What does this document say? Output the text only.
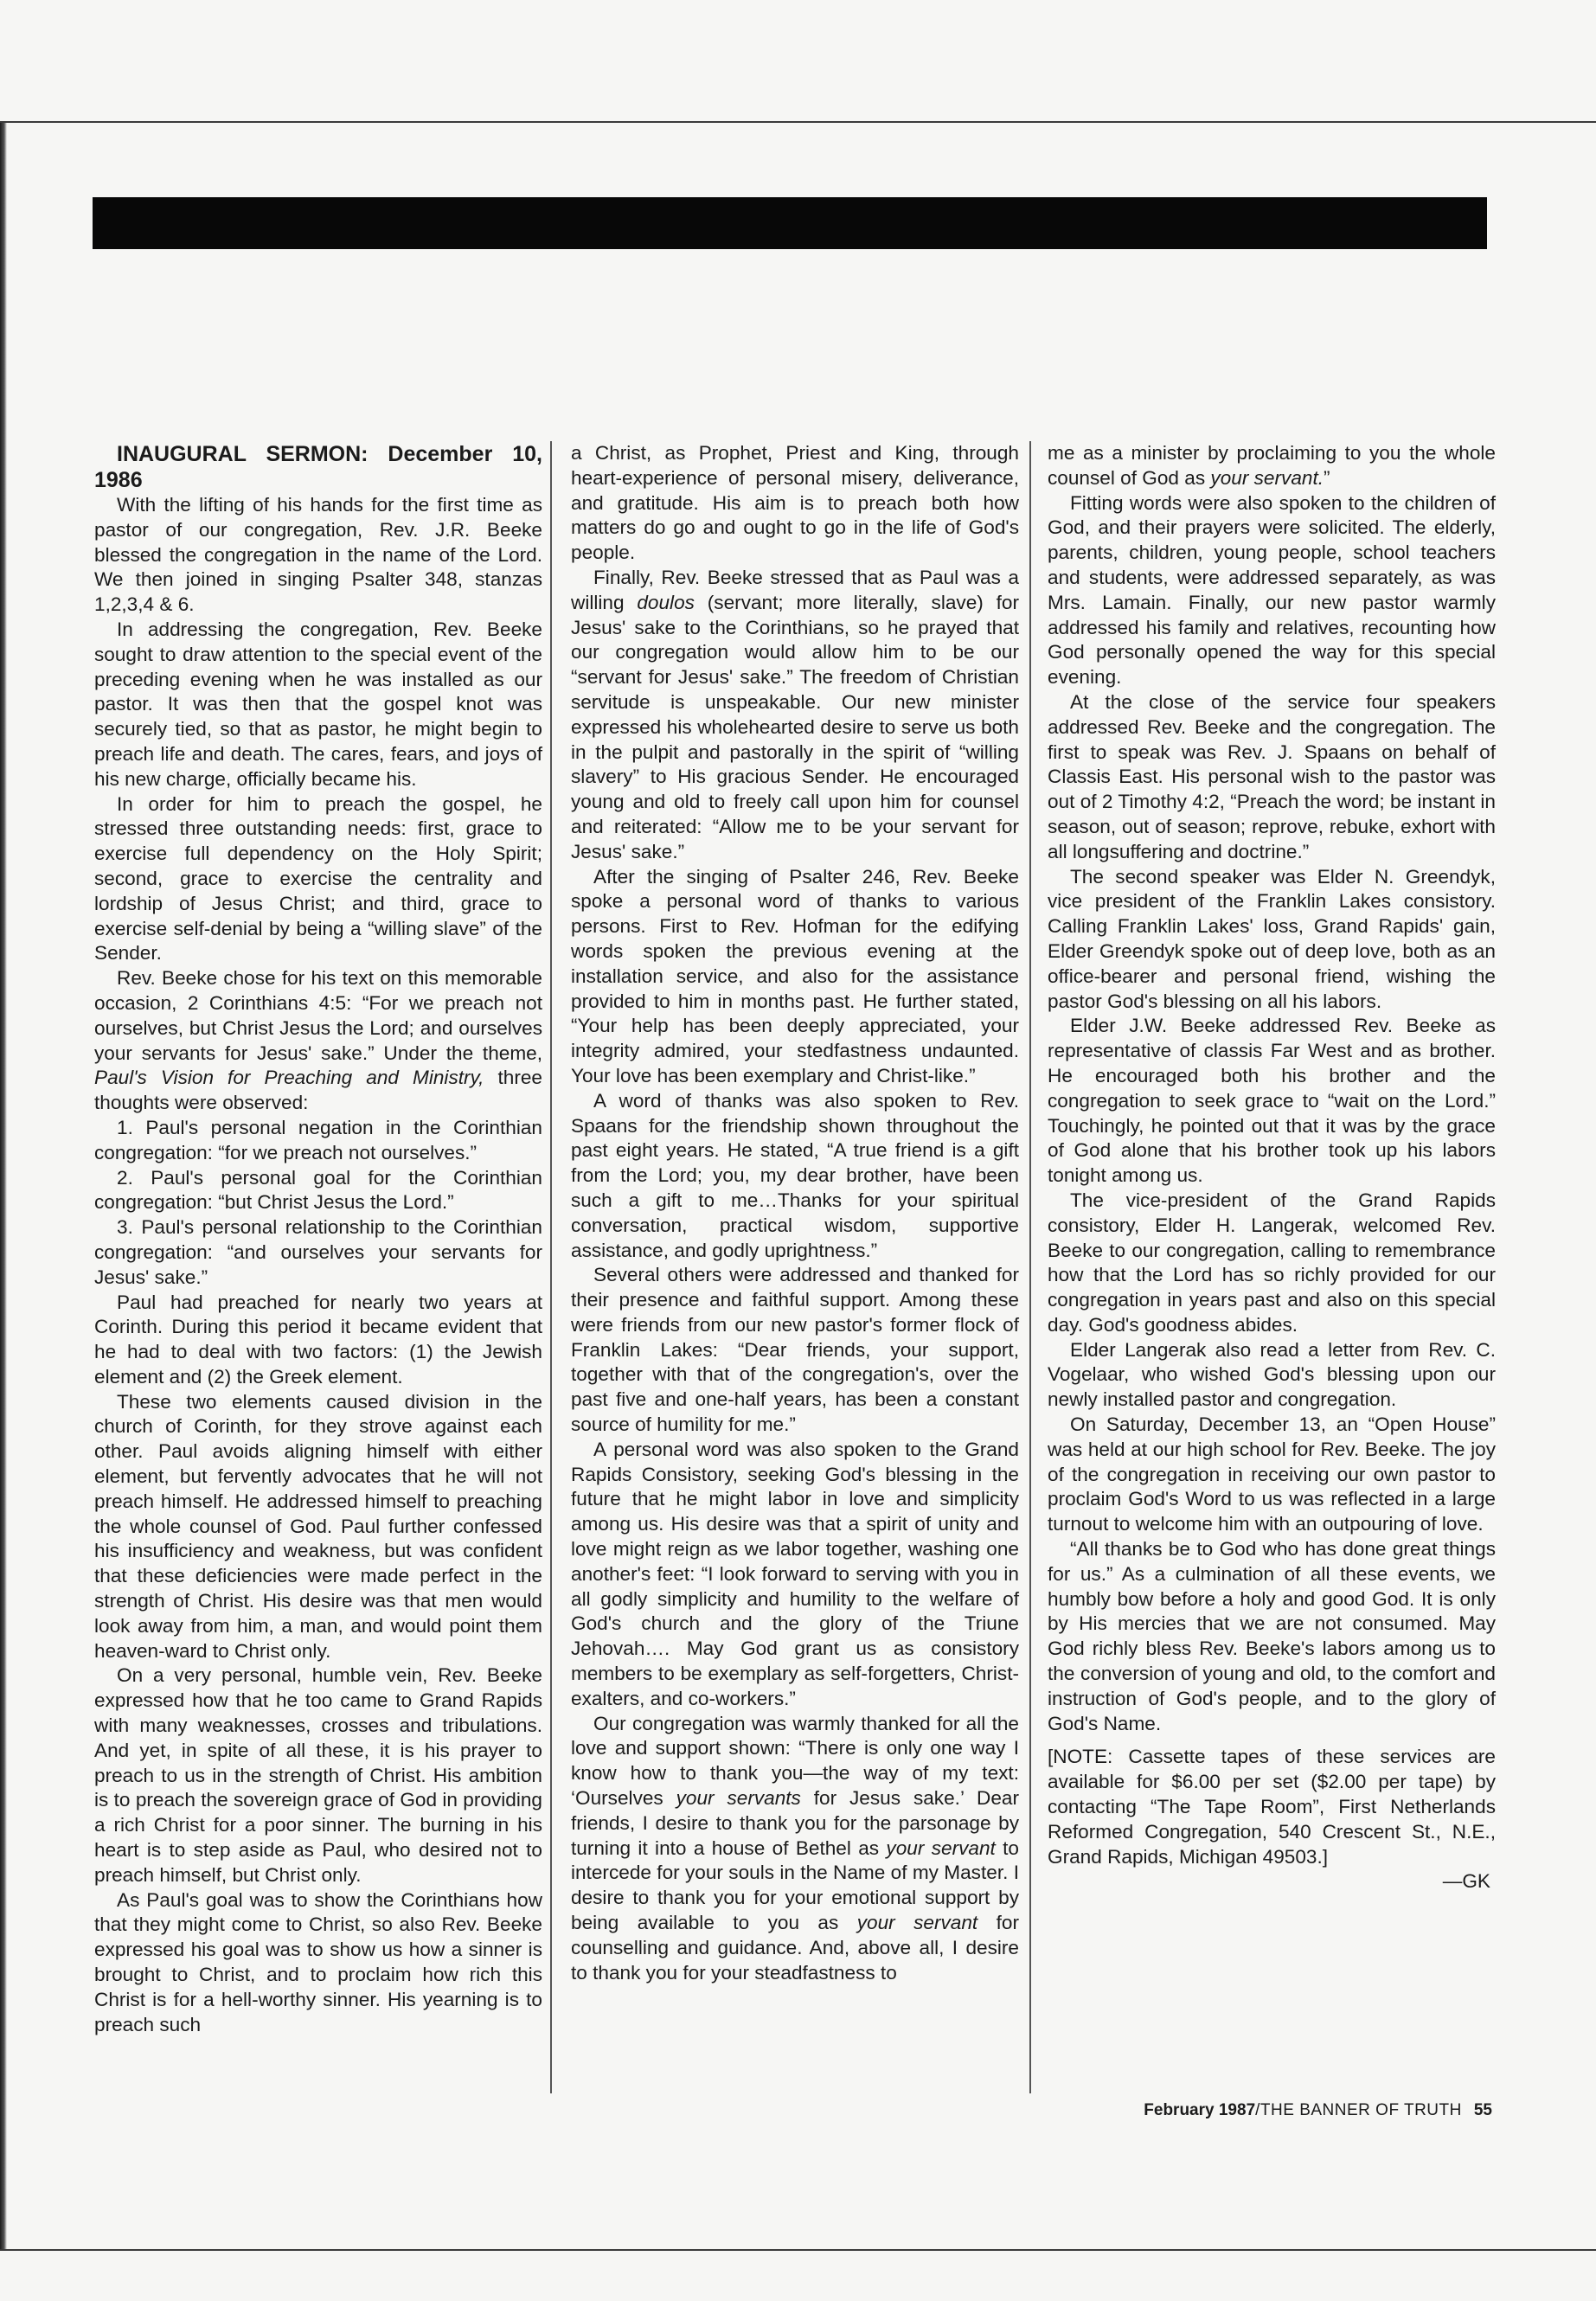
INAUGURAL SERMON: December 10, 1986

With the lifting of his hands for the first time as pastor of our congregation, Rev. J.R. Beeke blessed the congregation in the name of the Lord. We then joined in singing Psalter 348, stanzas 1,2,3,4 & 6.

In addressing the congregation, Rev. Beeke sought to draw attention to the special event of the preceding evening when he was installed as our pastor. It was then that the gospel knot was securely tied, so that as pastor, he might begin to preach life and death. The cares, fears, and joys of his new charge, officially became his.

In order for him to preach the gospel, he stressed three outstanding needs: first, grace to exercise full dependency on the Holy Spirit; second, grace to exercise the centrality and lordship of Jesus Christ; and third, grace to exercise self-denial by being a “willing slave” of the Sender.

Rev. Beeke chose for his text on this memorable occasion, 2 Corinthians 4:5: “For we preach not ourselves, but Christ Jesus the Lord; and ourselves your servants for Jesus' sake.” Under the theme, Paul's Vision for Preaching and Ministry, three thoughts were observed:

1. Paul's personal negation in the Corinthian congregation: “for we preach not ourselves.”

2. Paul's personal goal for the Corinthian congregation: “but Christ Jesus the Lord.”

3. Paul's personal relationship to the Corinthian congregation: “and ourselves your servants for Jesus' sake.”

Paul had preached for nearly two years at Corinth. During this period it became evident that he had to deal with two factors: (1) the Jewish element and (2) the Greek element.

These two elements caused division in the church of Corinth, for they strove against each other. Paul avoids aligning himself with either element, but fervently advocates that he will not preach himself. He addressed himself to preaching the whole counsel of God. Paul further confessed his insufficiency and weakness, but was confident that these deficiencies were made perfect in the strength of Christ. His desire was that men would look away from him, a man, and would point them heaven-ward to Christ only.

On a very personal, humble vein, Rev. Beeke expressed how that he too came to Grand Rapids with many weaknesses, crosses and tribulations. And yet, in spite of all these, it is his prayer to preach to us in the strength of Christ. His ambition is to preach the sovereign grace of God in providing a rich Christ for a poor sinner. The burning in his heart is to step aside as Paul, who desired not to preach himself, but Christ only.

As Paul's goal was to show the Corinthians how that they might come to Christ, so also Rev. Beeke expressed his goal was to show us how a sinner is brought to Christ, and to proclaim how rich this Christ is for a hell-worthy sinner. His yearning is to preach such

a Christ, as Prophet, Priest and King, through heart-experience of personal misery, deliverance, and gratitude. His aim is to preach both how matters do go and ought to go in the life of God's people.

Finally, Rev. Beeke stressed that as Paul was a willing doulos (servant; more literally, slave) for Jesus' sake to the Corinthians, so he prayed that our congregation would allow him to be our “servant for Jesus' sake.” The freedom of Christian servitude is unspeakable. Our new minister expressed his wholehearted desire to serve us both in the pulpit and pastorally in the spirit of “willing slavery” to His gracious Sender. He encouraged young and old to freely call upon him for counsel and reiterated: “Allow me to be your servant for Jesus' sake.”

After the singing of Psalter 246, Rev. Beeke spoke a personal word of thanks to various persons. First to Rev. Hofman for the edifying words spoken the previous evening at the installation service, and also for the assistance provided to him in months past. He further stated, “Your help has been deeply appreciated, your integrity admired, your stedfastness undaunted. Your love has been exemplary and Christ-like.”

A word of thanks was also spoken to Rev. Spaans for the friendship shown throughout the past eight years. He stated, “A true friend is a gift from the Lord; you, my dear brother, have been such a gift to me…Thanks for your spiritual conversation, practical wisdom, supportive assistance, and godly uprightness.”

Several others were addressed and thanked for their presence and faithful support. Among these were friends from our new pastor's former flock of Franklin Lakes: “Dear friends, your support, together with that of the congregation's, over the past five and one-half years, has been a constant source of humility for me.”

A personal word was also spoken to the Grand Rapids Consistory, seeking God's blessing in the future that he might labor in love and simplicity among us. His desire was that a spirit of unity and love might reign as we labor together, washing one another's feet: “I look forward to serving with you in all godly simplicity and humility to the welfare of God's church and the glory of the Triune Jehovah…. May God grant us as consistory members to be exemplary as self-forgetters, Christ-exalters, and co-workers.”

Our congregation was warmly thanked for all the love and support shown: “There is only one way I know how to thank you—the way of my text: ‘Ourselves your servants for Jesus sake.’ Dear friends, I desire to thank you for the parsonage by turning it into a house of Bethel as your servant to intercede for your souls in the Name of my Master. I desire to thank you for your emotional support by being available to you as your servant for counselling and guidance. And, above all, I desire to thank you for your steadfastness to

me as a minister by proclaiming to you the whole counsel of God as your servant.”

Fitting words were also spoken to the children of God, and their prayers were solicited. The elderly, parents, children, young people, school teachers and students, were addressed separately, as was Mrs. Lamain. Finally, our new pastor warmly addressed his family and relatives, recounting how God personally opened the way for this special evening.

At the close of the service four speakers addressed Rev. Beeke and the congregation. The first to speak was Rev. J. Spaans on behalf of Classis East. His personal wish to the pastor was out of 2 Timothy 4:2, “Preach the word; be instant in season, out of season; reprove, rebuke, exhort with all longsuffering and doctrine.”

The second speaker was Elder N. Greendyk, vice president of the Franklin Lakes consistory. Calling Franklin Lakes' loss, Grand Rapids' gain, Elder Greendyk spoke out of deep love, both as an office-bearer and personal friend, wishing the pastor God's blessing on all his labors.

Elder J.W. Beeke addressed Rev. Beeke as representative of classis Far West and as brother. He encouraged both his brother and the congregation to seek grace to “wait on the Lord.” Touchingly, he pointed out that it was by the grace of God alone that his brother took up his labors tonight among us.

The vice-president of the Grand Rapids consistory, Elder H. Langerak, welcomed Rev. Beeke to our congregation, calling to remembrance how that the Lord has so richly provided for our congregation in years past and also on this special day. God's goodness abides.

Elder Langerak also read a letter from Rev. C. Vogelaar, who wished God's blessing upon our newly installed pastor and congregation.

On Saturday, December 13, an “Open House” was held at our high school for Rev. Beeke. The joy of the congregation in receiving our own pastor to proclaim God's Word to us was reflected in a large turnout to welcome him with an outpouring of love.

“All thanks be to God who has done great things for us.” As a culmination of all these events, we humbly bow before a holy and good God. It is only by His mercies that we are not consumed. May God richly bless Rev. Beeke's labors among us to the conversion of young and old, to the comfort and instruction of God's people, and to the glory of God's Name.

[NOTE: Cassette tapes of these services are available for $6.00 per set ($2.00 per tape) by contacting “The Tape Room”, First Netherlands Reformed Congregation, 540 Crescent St., N.E., Grand Rapids, Michigan 49503.]

—GK

February 1987/THE BANNER OF TRUTH 55
